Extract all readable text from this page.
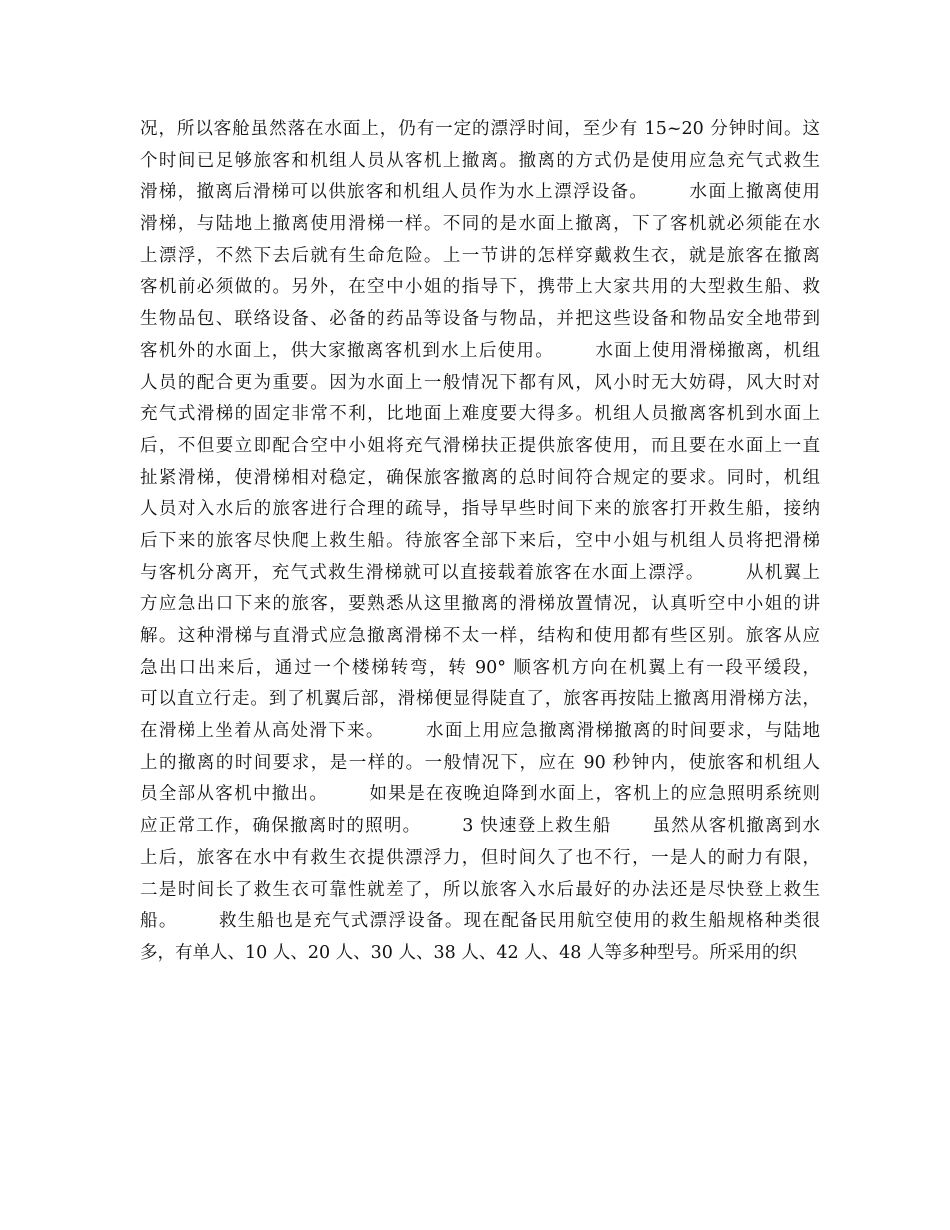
况，所以客舱虽然落在水面上，仍有一定的漂浮时间，至少有 15~20 分钟时间。这
个时间已足够旅客和机组人员从客机上撤离。撤离的方式仍是使用应急充气式救生
滑梯，撤离后滑梯可以供旅客和机组人员作为水上漂浮设备。      水面上撤离使用
滑梯，与陆地上撤离使用滑梯一样。不同的是水面上撤离，下了客机就必须能在水
上漂浮，不然下去后就有生命危险。上一节讲的怎样穿戴救生衣，就是旅客在撤离
客机前必须做的。另外，在空中小姐的指导下，携带上大家共用的大型救生船、救
生物品包、联络设备、必备的药品等设备与物品，并把这些设备和物品安全地带到
客机外的水面上，供大家撤离客机到水上后使用。      水面上使用滑梯撤离，机组
人员的配合更为重要。因为水面上一般情况下都有风，风小时无大妨碍，风大时对
充气式滑梯的固定非常不利，比地面上难度要大得多。机组人员撤离客机到水面上
后，不但要立即配合空中小姐将充气滑梯扶正提供旅客使用，而且要在水面上一直
扯紧滑梯，使滑梯相对稳定，确保旅客撤离的总时间符合规定的要求。同时，机组
人员对入水后的旅客进行合理的疏导，指导早些时间下来的旅客打开救生船，接纳
后下来的旅客尽快爬上救生船。待旅客全部下来后，空中小姐与机组人员将把滑梯
与客机分离开，充气式救生滑梯就可以直接载着旅客在水面上漂浮。      从机翼上
方应急出口下来的旅客，要熟悉从这里撤离的滑梯放置情况，认真听空中小姐的讲
解。这种滑梯与直滑式应急撤离滑梯不太一样，结构和使用都有些区别。旅客从应
急出口出来后，通过一个楼梯转弯，转 90° 顺客机方向在机翼上有一段平缓段，
可以直立行走。到了机翼后部，滑梯便显得陡直了，旅客再按陆上撤离用滑梯方法，
在滑梯上坐着从高处滑下来。      水面上用应急撤离滑梯撤离的时间要求，与陆地
上的撤离的时间要求，是一样的。一般情况下，应在 90 秒钟内，使旅客和机组人
员全部从客机中撤出。      如果是在夜晚迫降到水面上，客机上的应急照明系统则
应正常工作，确保撤离时的照明。      3 快速登上救生船      虽然从客机撤离到水
上后，旅客在水中有救生衣提供漂浮力，但时间久了也不行，一是人的耐力有限，
二是时间长了救生衣可靠性就差了，所以旅客入水后最好的办法还是尽快登上救生
船。      救生船也是充气式漂浮设备。现在配备民用航空使用的救生船规格种类很
多，有单人、10 人、20 人、30 人、38 人、42 人、48 人等多种型号。所采用的织
